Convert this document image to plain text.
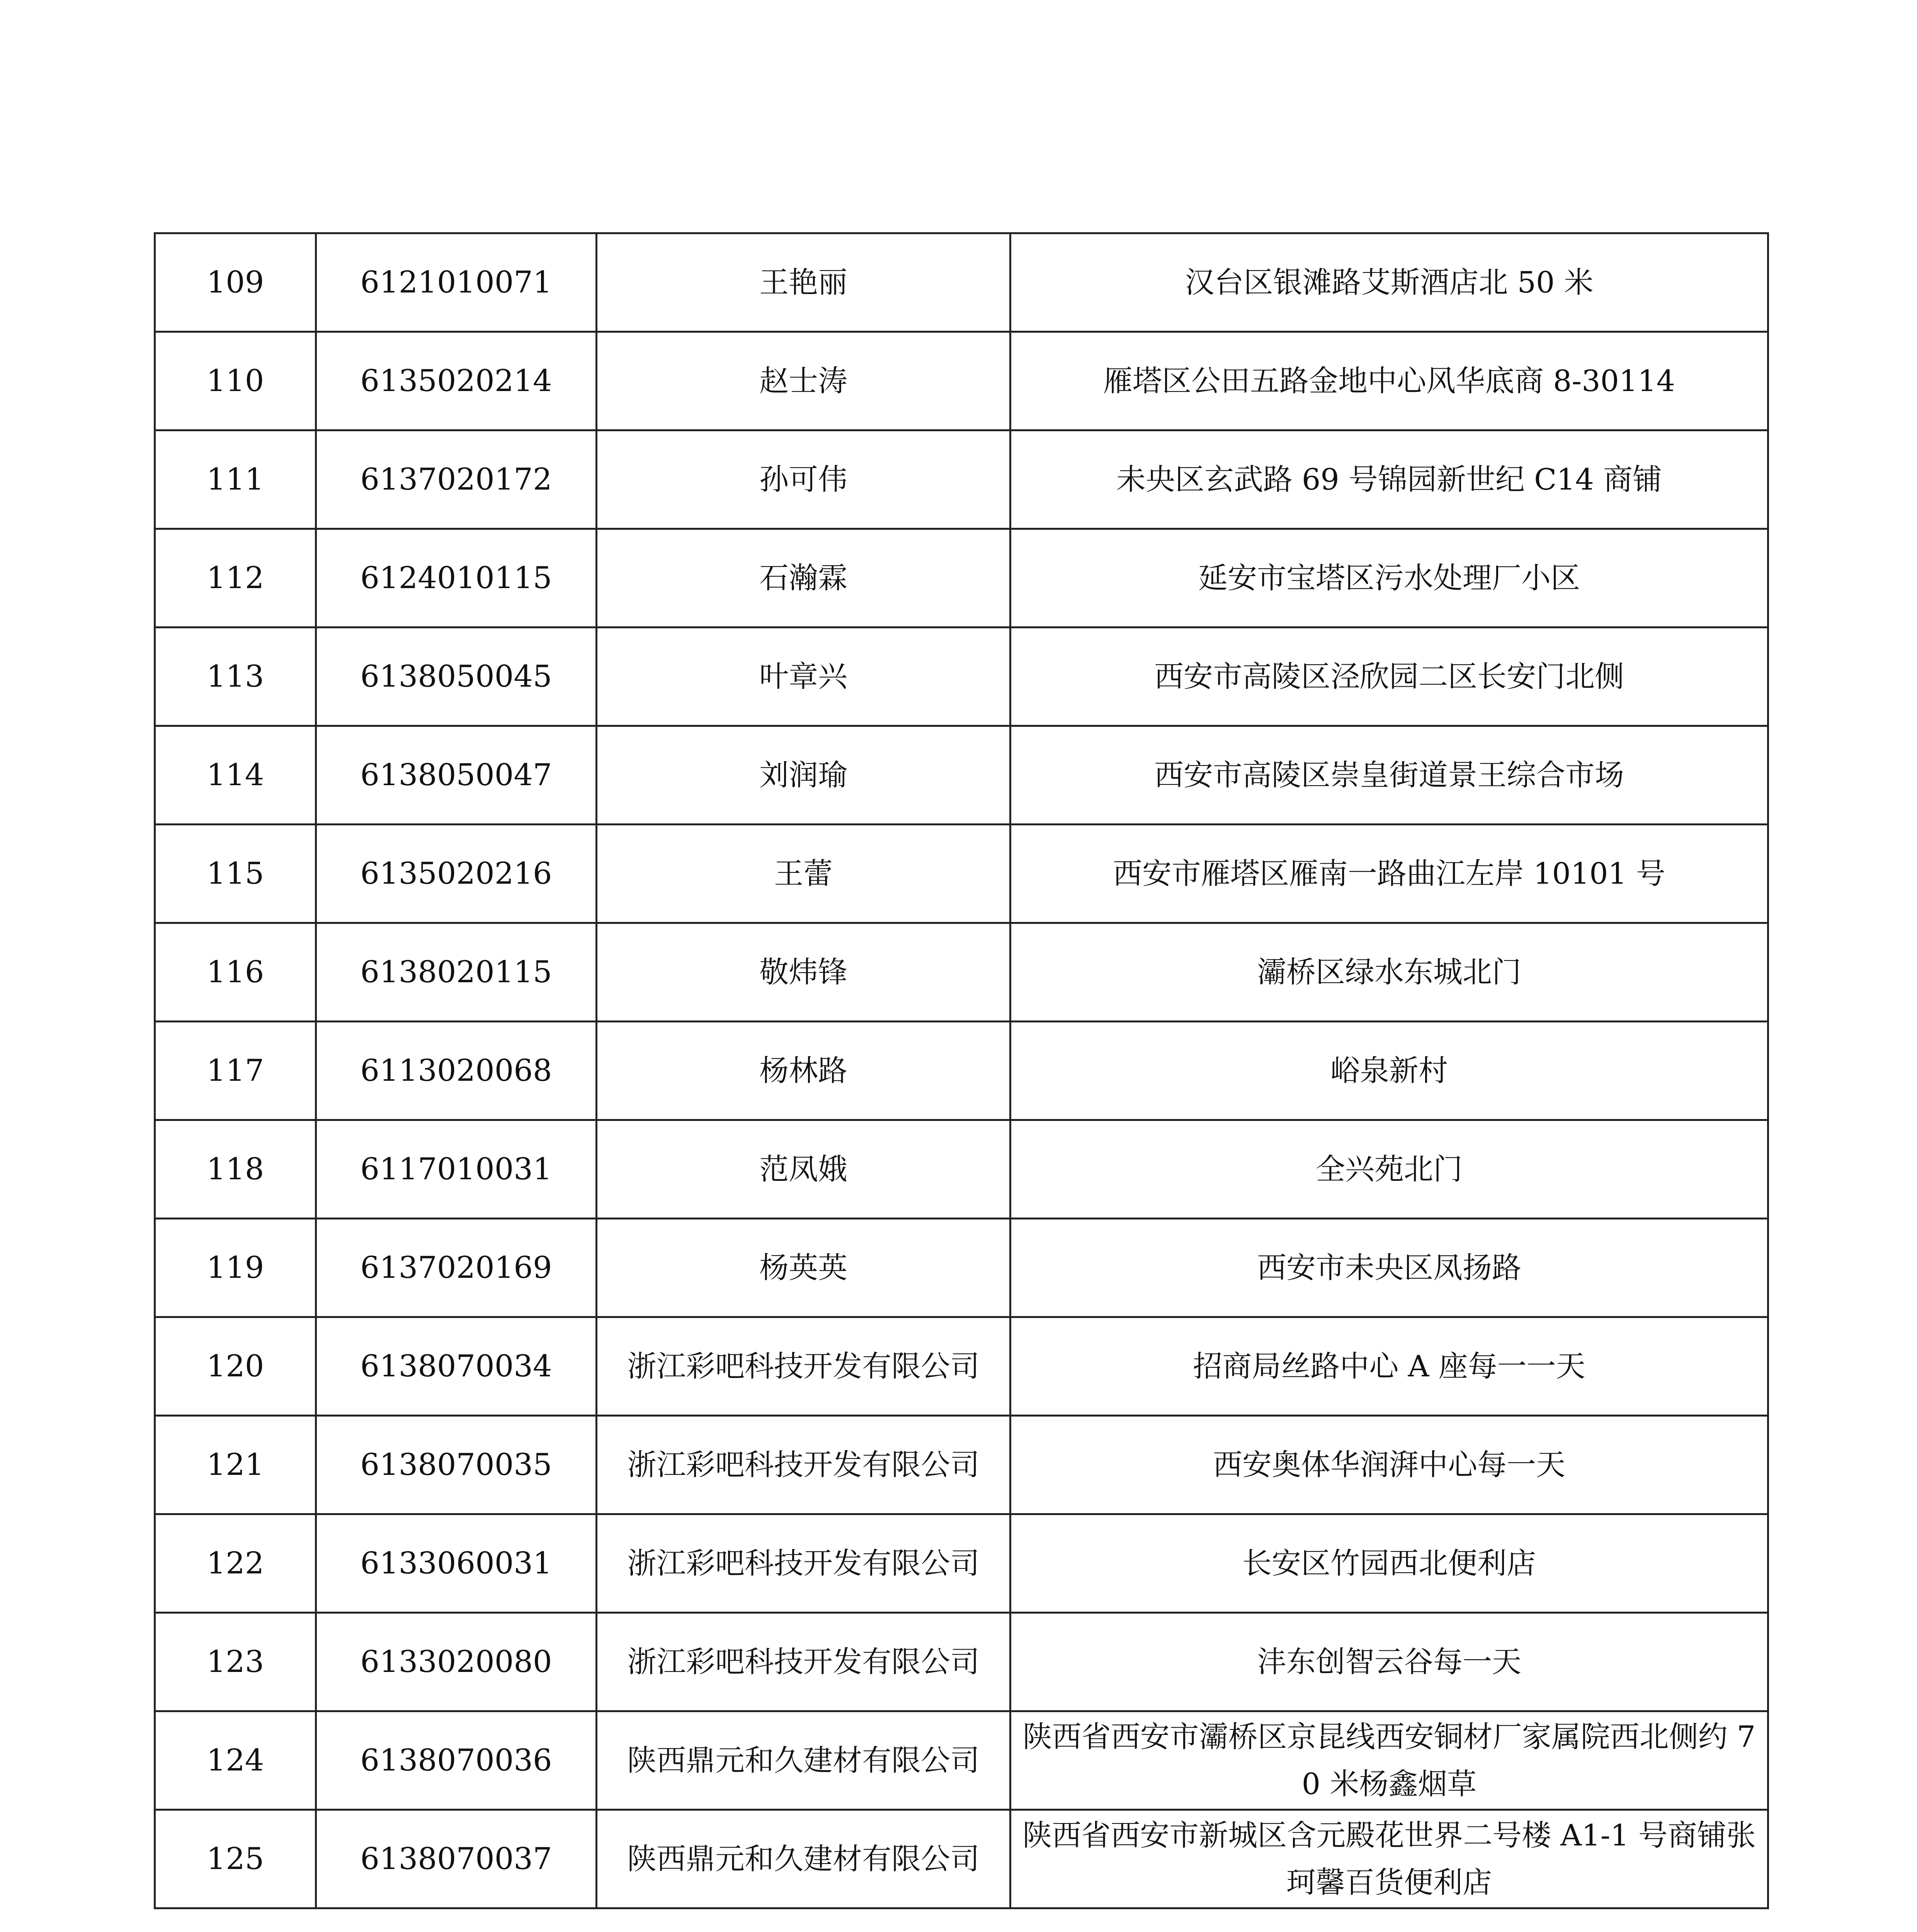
109	6121010071	王艳丽	汉台区银滩路艾斯酒店北 50 米
110	6135020214	赵士涛	雁塔区公田五路金地中心风华底商 8-30114
111	6137020172	孙可伟	未央区玄武路 69 号锦园新世纪 C14 商铺
112	6124010115	石瀚霖	延安市宝塔区污水处理厂小区
113	6138050045	叶章兴	西安市高陵区泾欣园二区长安门北侧
114	6138050047	刘润瑜	西安市高陵区崇皇街道景王综合市场
115	6135020216	王蕾	西安市雁塔区雁南一路曲江左岸 10101 号
116	6138020115	敬炜锋	灞桥区绿水东城北门
117	6113020068	杨林路	峪泉新村
118	6117010031	范凤娥	全兴苑北门
119	6137020169	杨英英	西安市未央区凤扬路
120	6138070034	浙江彩吧科技开发有限公司	招商局丝路中心 A 座每一一天
121	6138070035	浙江彩吧科技开发有限公司	西安奥体华润湃中心每一天
122	6133060031	浙江彩吧科技开发有限公司	长安区竹园西北便利店
123	6133020080	浙江彩吧科技开发有限公司	沣东创智云谷每一天
124	6138070036	陕西鼎元和久建材有限公司	陕西省西安市灞桥区京昆线西安铜材厂家属院西北侧约 70 米杨鑫烟草
125	6138070037	陕西鼎元和久建材有限公司	陕西省西安市新城区含元殿花世界二号楼 A1-1 号商铺张珂馨百货便利店
